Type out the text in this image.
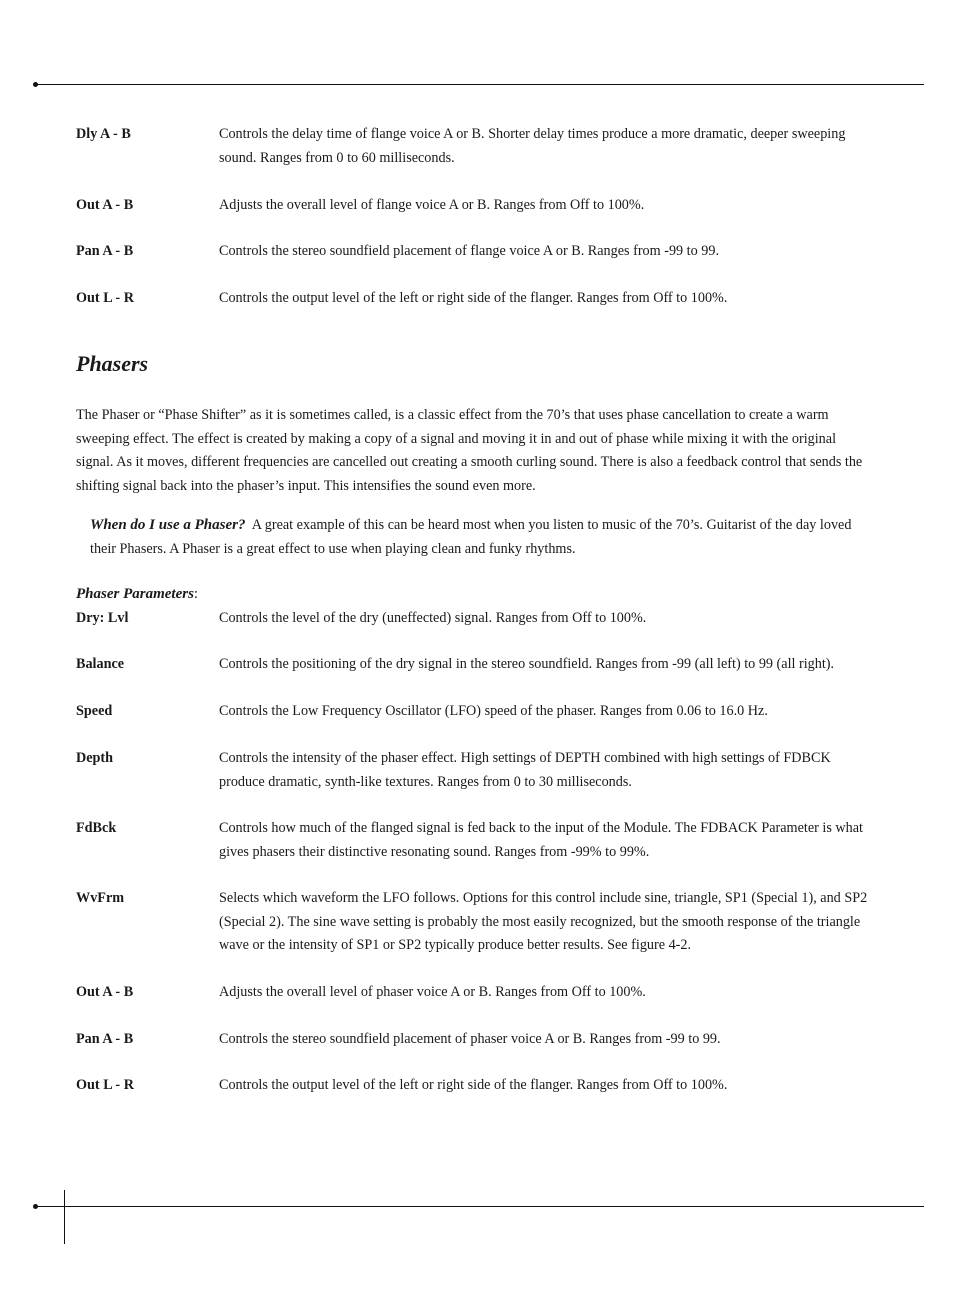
Dly A - B	Controls the delay time of flange voice A or B. Shorter delay times produce a more dramatic, deeper sweeping sound. Ranges from 0 to 60 milliseconds.
Out A - B	Adjusts the overall level of flange voice A or B. Ranges from Off to 100%.
Pan A - B	Controls the stereo soundfield placement of flange voice A or B. Ranges from -99 to 99.
Out L - R	Controls the output level of the left or right side of the flanger. Ranges from Off to 100%.
Phasers
The Phaser or “Phase Shifter” as it is sometimes called, is a classic effect from the 70’s that uses phase cancellation to create a warm sweeping effect. The effect is created by making a copy of a signal and moving it in and out of phase while mixing it with the original signal. As it moves, different frequencies are cancelled out creating a smooth curling sound. There is also a feedback control that sends the shifting signal back into the phaser’s input. This intensifies the sound even more.
When do I use a Phaser? A great example of this can be heard most when you listen to music of the 70’s. Guitarist of the day loved their Phasers. A Phaser is a great effect to use when playing clean and funky rhythms.
Phaser Parameters:
Dry: Lvl	Controls the level of the dry (uneffected) signal. Ranges from Off to 100%.
Balance	Controls the positioning of the dry signal in the stereo soundfield. Ranges from -99 (all left) to 99 (all right).
Speed	Controls the Low Frequency Oscillator (LFO) speed of the phaser. Ranges from 0.06 to 16.0 Hz.
Depth	Controls the intensity of the phaser effect. High settings of DEPTH combined with high settings of FDBCK produce dramatic, synth-like textures. Ranges from 0 to 30 milliseconds.
FdBck	Controls how much of the flanged signal is fed back to the input of the Module. The FDBACK Parameter is what gives phasers their distinctive resonating sound. Ranges from -99% to 99%.
WvFrm	Selects which waveform the LFO follows. Options for this control include sine, triangle, SP1 (Special 1), and SP2 (Special 2). The sine wave setting is probably the most easily recognized, but the smooth response of the triangle wave or the intensity of SP1 or SP2 typically produce better results. See figure 4-2.
Out A - B	Adjusts the overall level of phaser voice A or B. Ranges from Off to 100%.
Pan A - B	Controls the stereo soundfield placement of phaser voice A or B. Ranges from -99 to 99.
Out L - R	Controls the output level of the left or right side of the flanger. Ranges from Off to 100%.
